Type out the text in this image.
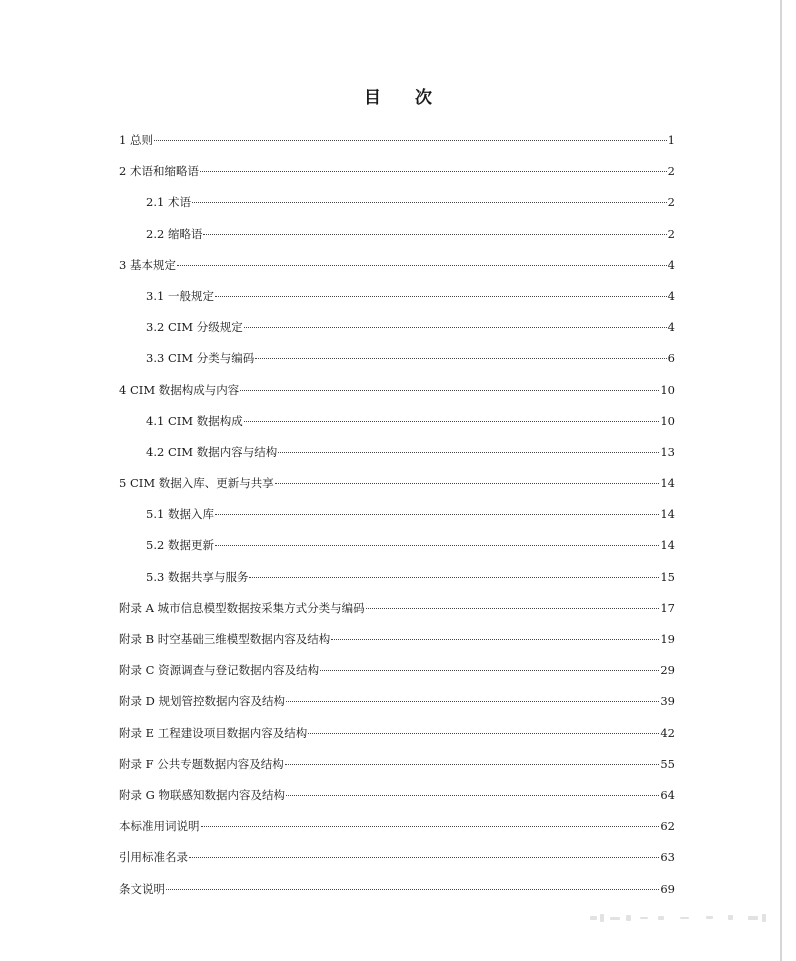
目 次
1 总则	1
2 术语和缩略语	2
2.1 术语	2
2.2 缩略语	2
3 基本规定	4
3.1 一般规定	4
3.2 CIM 分级规定	4
3.3 CIM 分类与编码	6
4 CIM 数据构成与内容	10
4.1 CIM 数据构成	10
4.2 CIM 数据内容与结构	13
5 CIM 数据入库、更新与共享	14
5.1 数据入库	14
5.2 数据更新	14
5.3 数据共享与服务	15
附录 A 城市信息模型数据按采集方式分类与编码	17
附录 B 时空基础三维模型数据内容及结构	19
附录 C 资源调查与登记数据内容及结构	29
附录 D 规划管控数据内容及结构	39
附录 E 工程建设项目数据内容及结构	42
附录 F 公共专题数据内容及结构	55
附录 G 物联感知数据内容及结构	64
本标准用词说明	62
引用标准名录	63
条文说明	69
